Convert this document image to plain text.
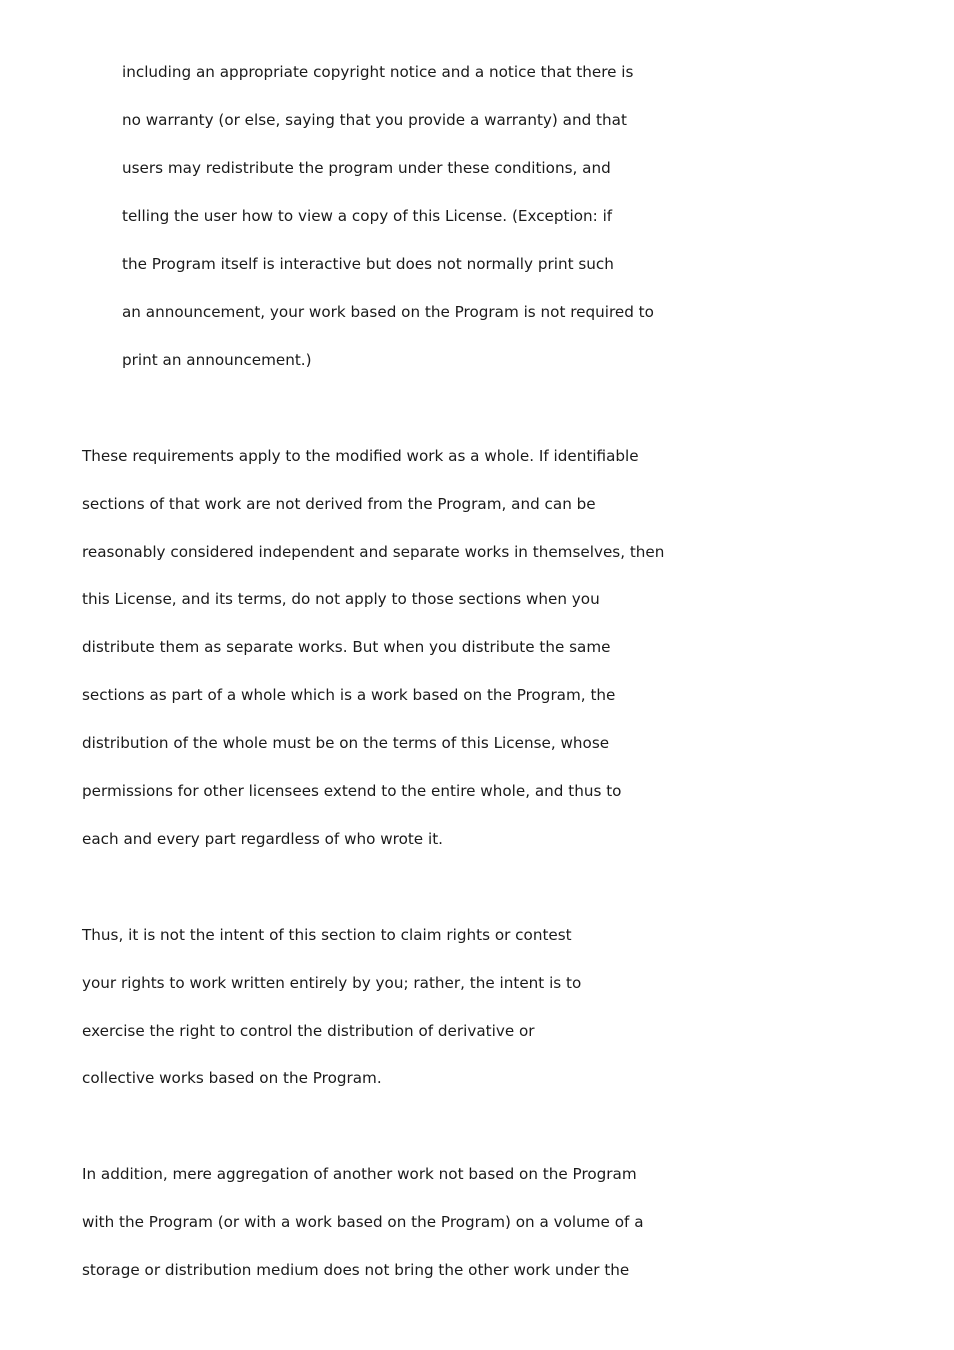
including an appropriate copyright notice and a notice that there is
no warranty (or else, saying that you provide a warranty) and that
users may redistribute the program under these conditions, and
telling the user how to view a copy of this License. (Exception: if
the Program itself is interactive but does not normally print such
an announcement, your work based on the Program is not required to
print an announcement.)
These requirements apply to the modified work as a whole. If identifiable
sections of that work are not derived from the Program, and can be
reasonably considered independent and separate works in themselves, then
this License, and its terms, do not apply to those sections when you
distribute them as separate works. But when you distribute the same
sections as part of a whole which is a work based on the Program, the
distribution of the whole must be on the terms of this License, whose
permissions for other licensees extend to the entire whole, and thus to
each and every part regardless of who wrote it.
Thus, it is not the intent of this section to claim rights or contest
your rights to work written entirely by you; rather, the intent is to
exercise the right to control the distribution of derivative or
collective works based on the Program.
In addition, mere aggregation of another work not based on the Program
with the Program (or with a work based on the Program) on a volume of a
storage or distribution medium does not bring the other work under the
